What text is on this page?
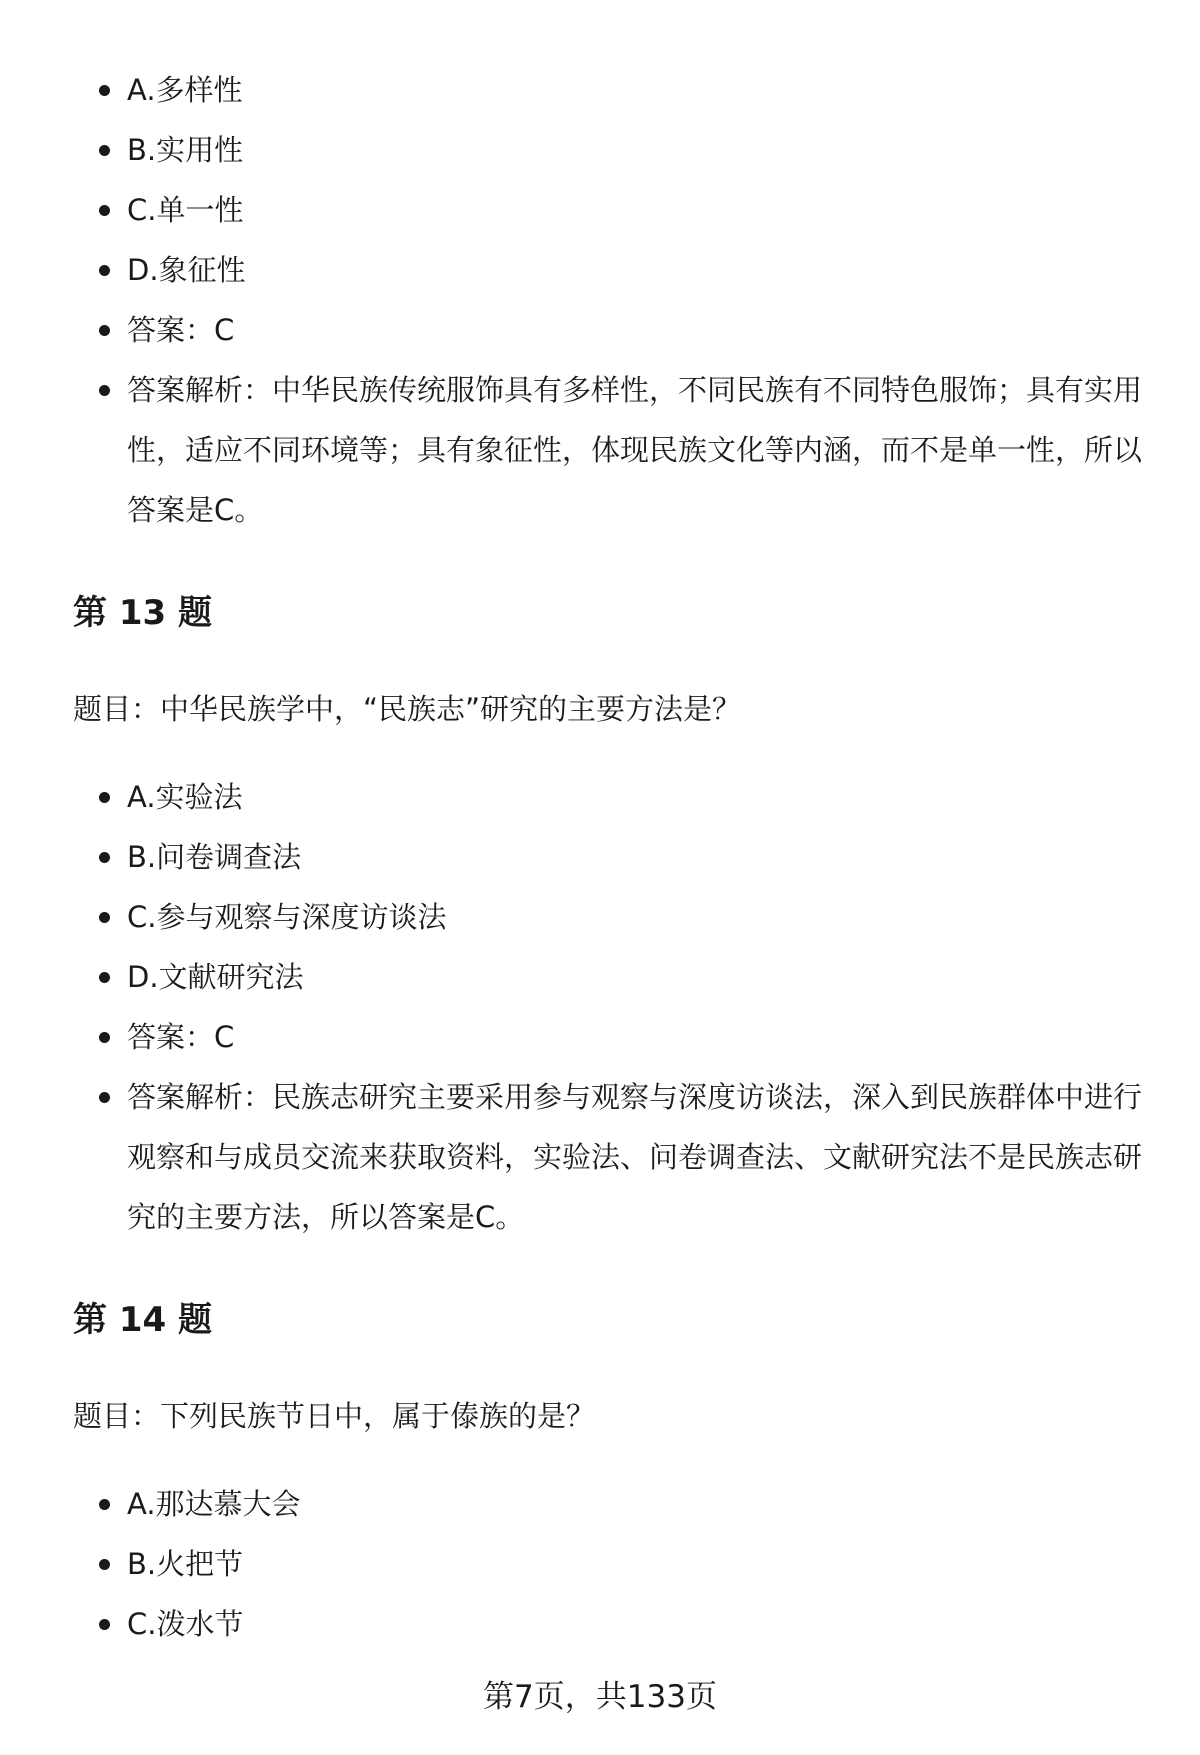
A.多样性
B.实用性
C.单一性
D.象征性
答案：C
答案解析：中华民族传统服饰具有多样性，不同民族有不同特色服饰；具有实用性，适应不同环境等；具有象征性，体现民族文化等内涵，而不是单一性，所以答案是C。
第 13 题

题目：中华民族学中，“民族志”研究的主要方法是？

A.实验法
B.问卷调查法
C.参与观察与深度访谈法
D.文献研究法
答案：C
答案解析：民族志研究主要采用参与观察与深度访谈法，深入到民族群体中进行观察和与成员交流来获取资料，实验法、问卷调查法、文献研究法不是民族志研究的主要方法，所以答案是C。
第 14 题

题目：下列民族节日中，属于傣族的是？

A.那达慕大会
B.火把节
C.泼水节
第7页，共133页
